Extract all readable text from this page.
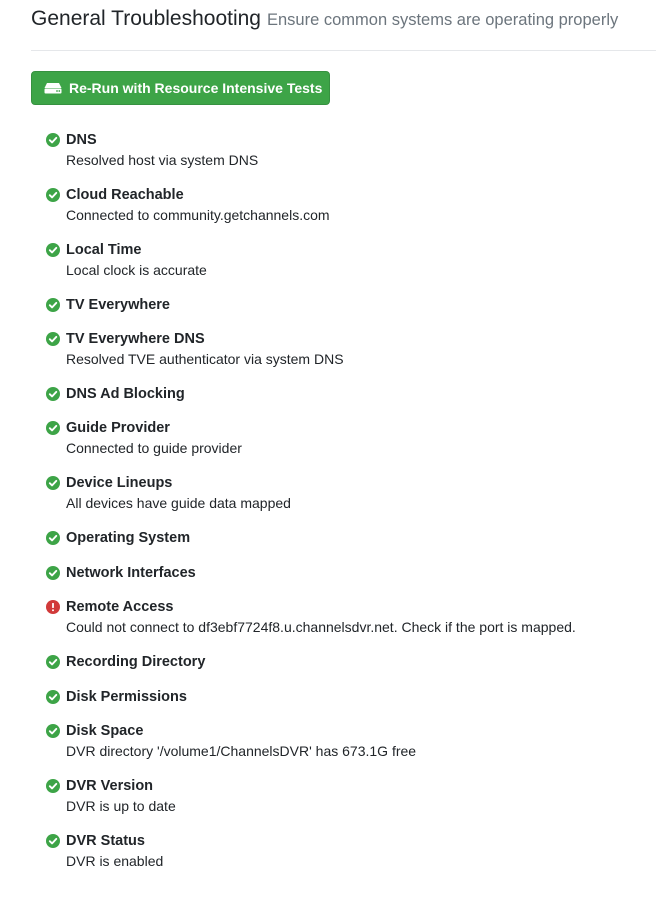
General Troubleshooting Ensure common systems are operating properly
Re-Run with Resource Intensive Tests
DNS
Resolved host via system DNS
Cloud Reachable
Connected to community.getchannels.com
Local Time
Local clock is accurate
TV Everywhere
TV Everywhere DNS
Resolved TVE authenticator via system DNS
DNS Ad Blocking
Guide Provider
Connected to guide provider
Device Lineups
All devices have guide data mapped
Operating System
Network Interfaces
Remote Access
Could not connect to df3ebf7724f8.u.channelsdvr.net. Check if the port is mapped.
Recording Directory
Disk Permissions
Disk Space
DVR directory '/volume1/ChannelsDVR' has 673.1G free
DVR Version
DVR is up to date
DVR Status
DVR is enabled
